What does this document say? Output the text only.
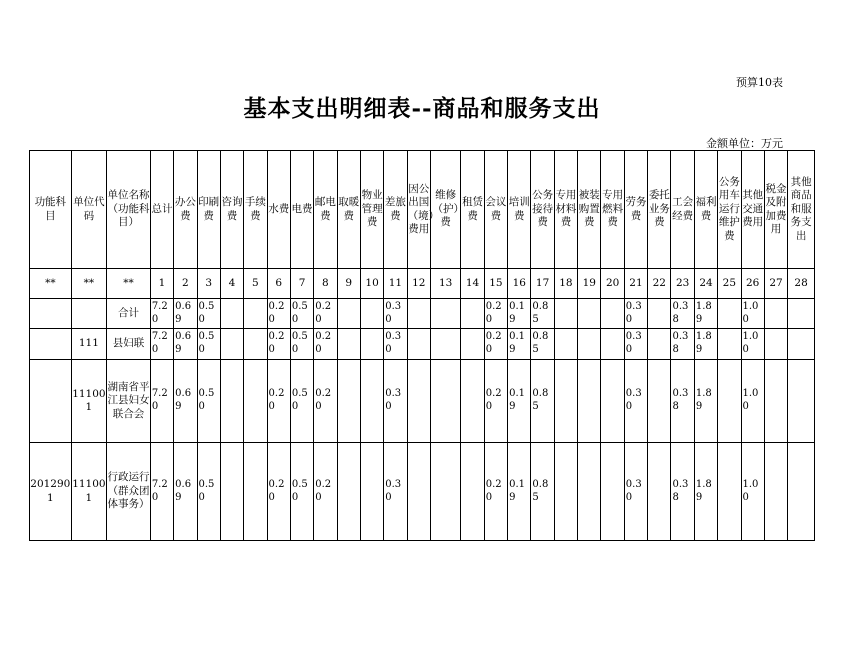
预算10表
基本支出明细表--商品和服务支出
金额单位：万元
功能科目	单位代码	单位名称（功能科目）	总计	办公费	印刷费	咨询费	手续费	水费	电费	邮电费	取暖费	物业管理费	差旅费	因公出国（境）费用	维修（护）费	租赁费	会议费	培训费	公务接待费	专用材料费	被装购置费	专用燃料费	劳务费	委托业务费	工会经费	福利费	公务用车运行维护费	其他交通费用	税金及附加费用	其他商品和服务支出
**	**	**	1	2	3	4	5	6	7	8	9	10	11	12	13	14	15	16	17	18	19	20	21	22	23	24	25	26	27	28
		合计	7.20	0.69	0.50			0.20	0.50	0.20			0.30				0.20	0.19	0.85				0.30		0.38	1.89		1.00		
	111	县妇联	7.20	0.69	0.50			0.20	0.50	0.20			0.30				0.20	0.19	0.85				0.30		0.38	1.89		1.00		
	111001	湖南省平江县妇女联合会	7.20	0.69	0.50			0.20	0.50	0.20			0.30				0.20	0.19	0.85				0.30		0.38	1.89		1.00		
2012901	111001	行政运行（群众团体事务）	7.20	0.69	0.50			0.20	0.50	0.20			0.30				0.20	0.19	0.85				0.30		0.38	1.89		1.00		
